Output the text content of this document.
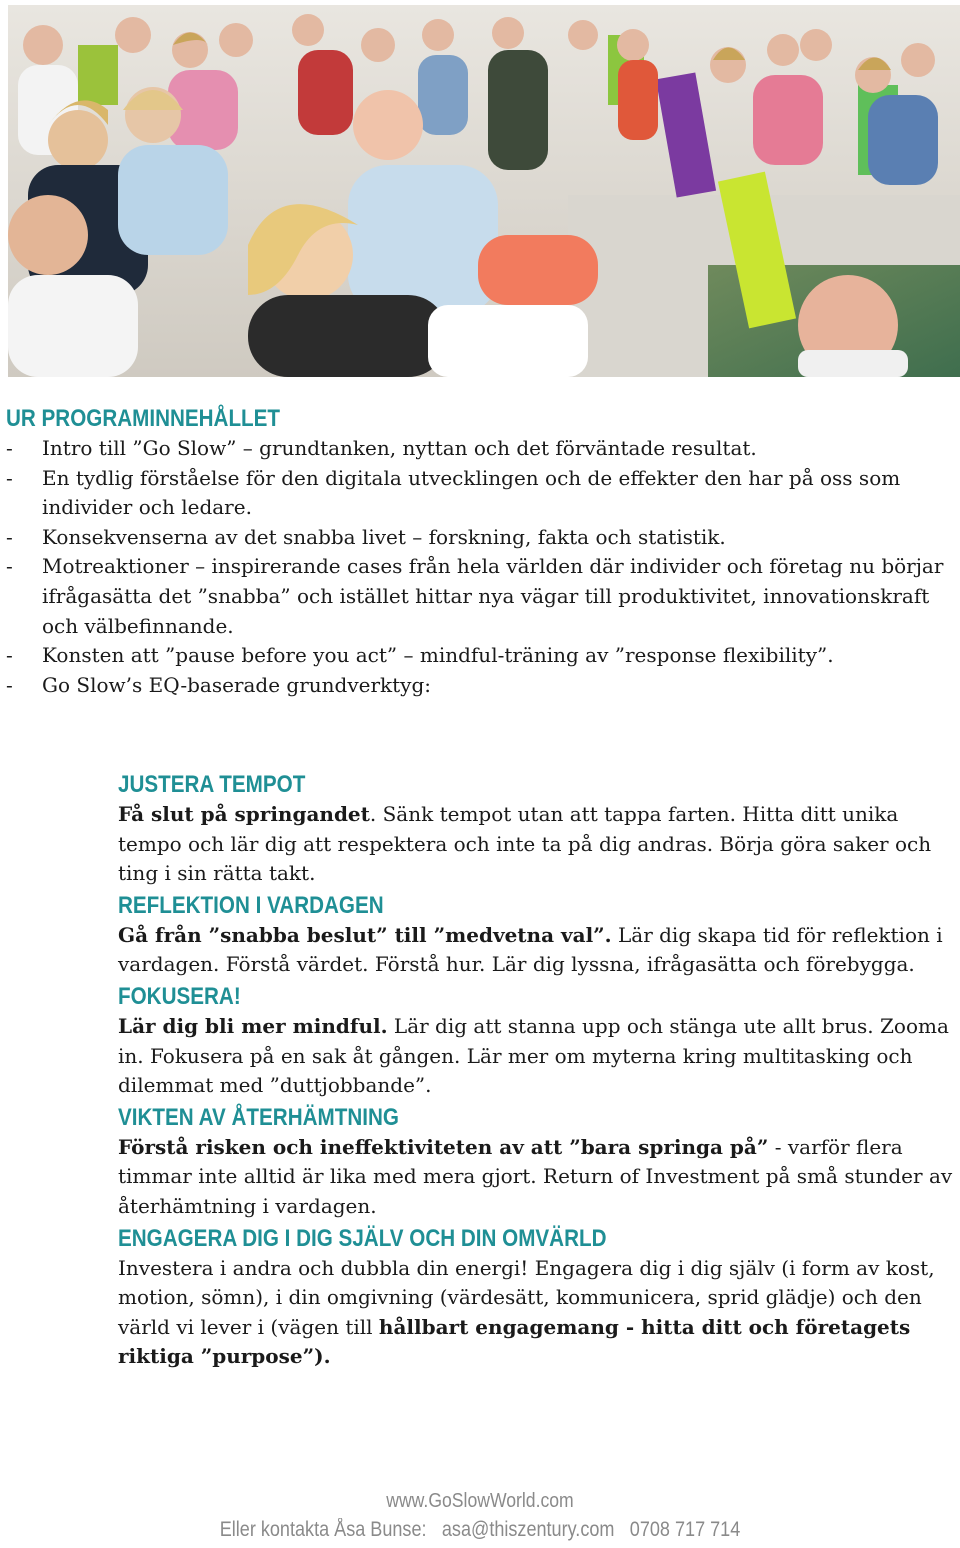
UR PROGRAMINNEHÅLLET
-	Intro till ”Go Slow” – grundtanken, nyttan och det förväntade resultat.
-	En tydlig förståelse för den digitala utvecklingen och de effekter den har på oss som individer och ledare.
-	Konsekvenserna av det snabba livet – forskning, fakta och statistik.
-	Motreaktioner – inspirerande cases från hela världen där individer och företag nu börjar ifrågasätta det ”snabba” och istället hittar nya vägar till produktivitet, innovationskraft och välbefinnande.
-	Konsten att ”pause before you act” – mindful-träning av ”response flexibility”.
-	Go Slow’s EQ-baserade grundverktyg:
JUSTERA TEMPOT

Få slut på springandet. Sänk tempot utan att tappa farten. Hitta ditt unika tempo och lär dig att respektera och inte ta på dig andras. Börja göra saker och ting i sin rätta takt.

REFLEKTION I VARDAGEN

Gå från ”snabba beslut” till ”medvetna val”. Lär dig skapa tid för reflektion i vardagen. Förstå värdet. Förstå hur. Lär dig lyssna, ifrågasätta och förebygga.

FOKUSERA!

Lär dig bli mer mindful. Lär dig att stanna upp och stänga ute allt brus. Zooma in. Fokusera på en sak åt gången. Lär mer om myterna kring multitasking och dilemmat med ”duttjobbande”.

VIKTEN AV ÅTERHÄMTNING

Förstå risken och ineffektiviteten av att ”bara springa på” - varför flera timmar inte alltid är lika med mera gjort. Return of Investment på små stunder av återhämtning i vardagen.

ENGAGERA DIG I DIG SJÄLV OCH DIN OMVÄRLD

Investera i andra och dubbla din energi! Engagera dig i dig själv (i form av kost, motion, sömn), i din omgivning (värdesätt, kommunicera, sprid glädje) och den värld vi lever i (vägen till hållbart engagemang - hitta ditt och företagets riktiga ”purpose”).

www.GoSlowWorld.com
Eller kontakta Åsa Bunse: asa@thiszentury.com 0708 717 714
